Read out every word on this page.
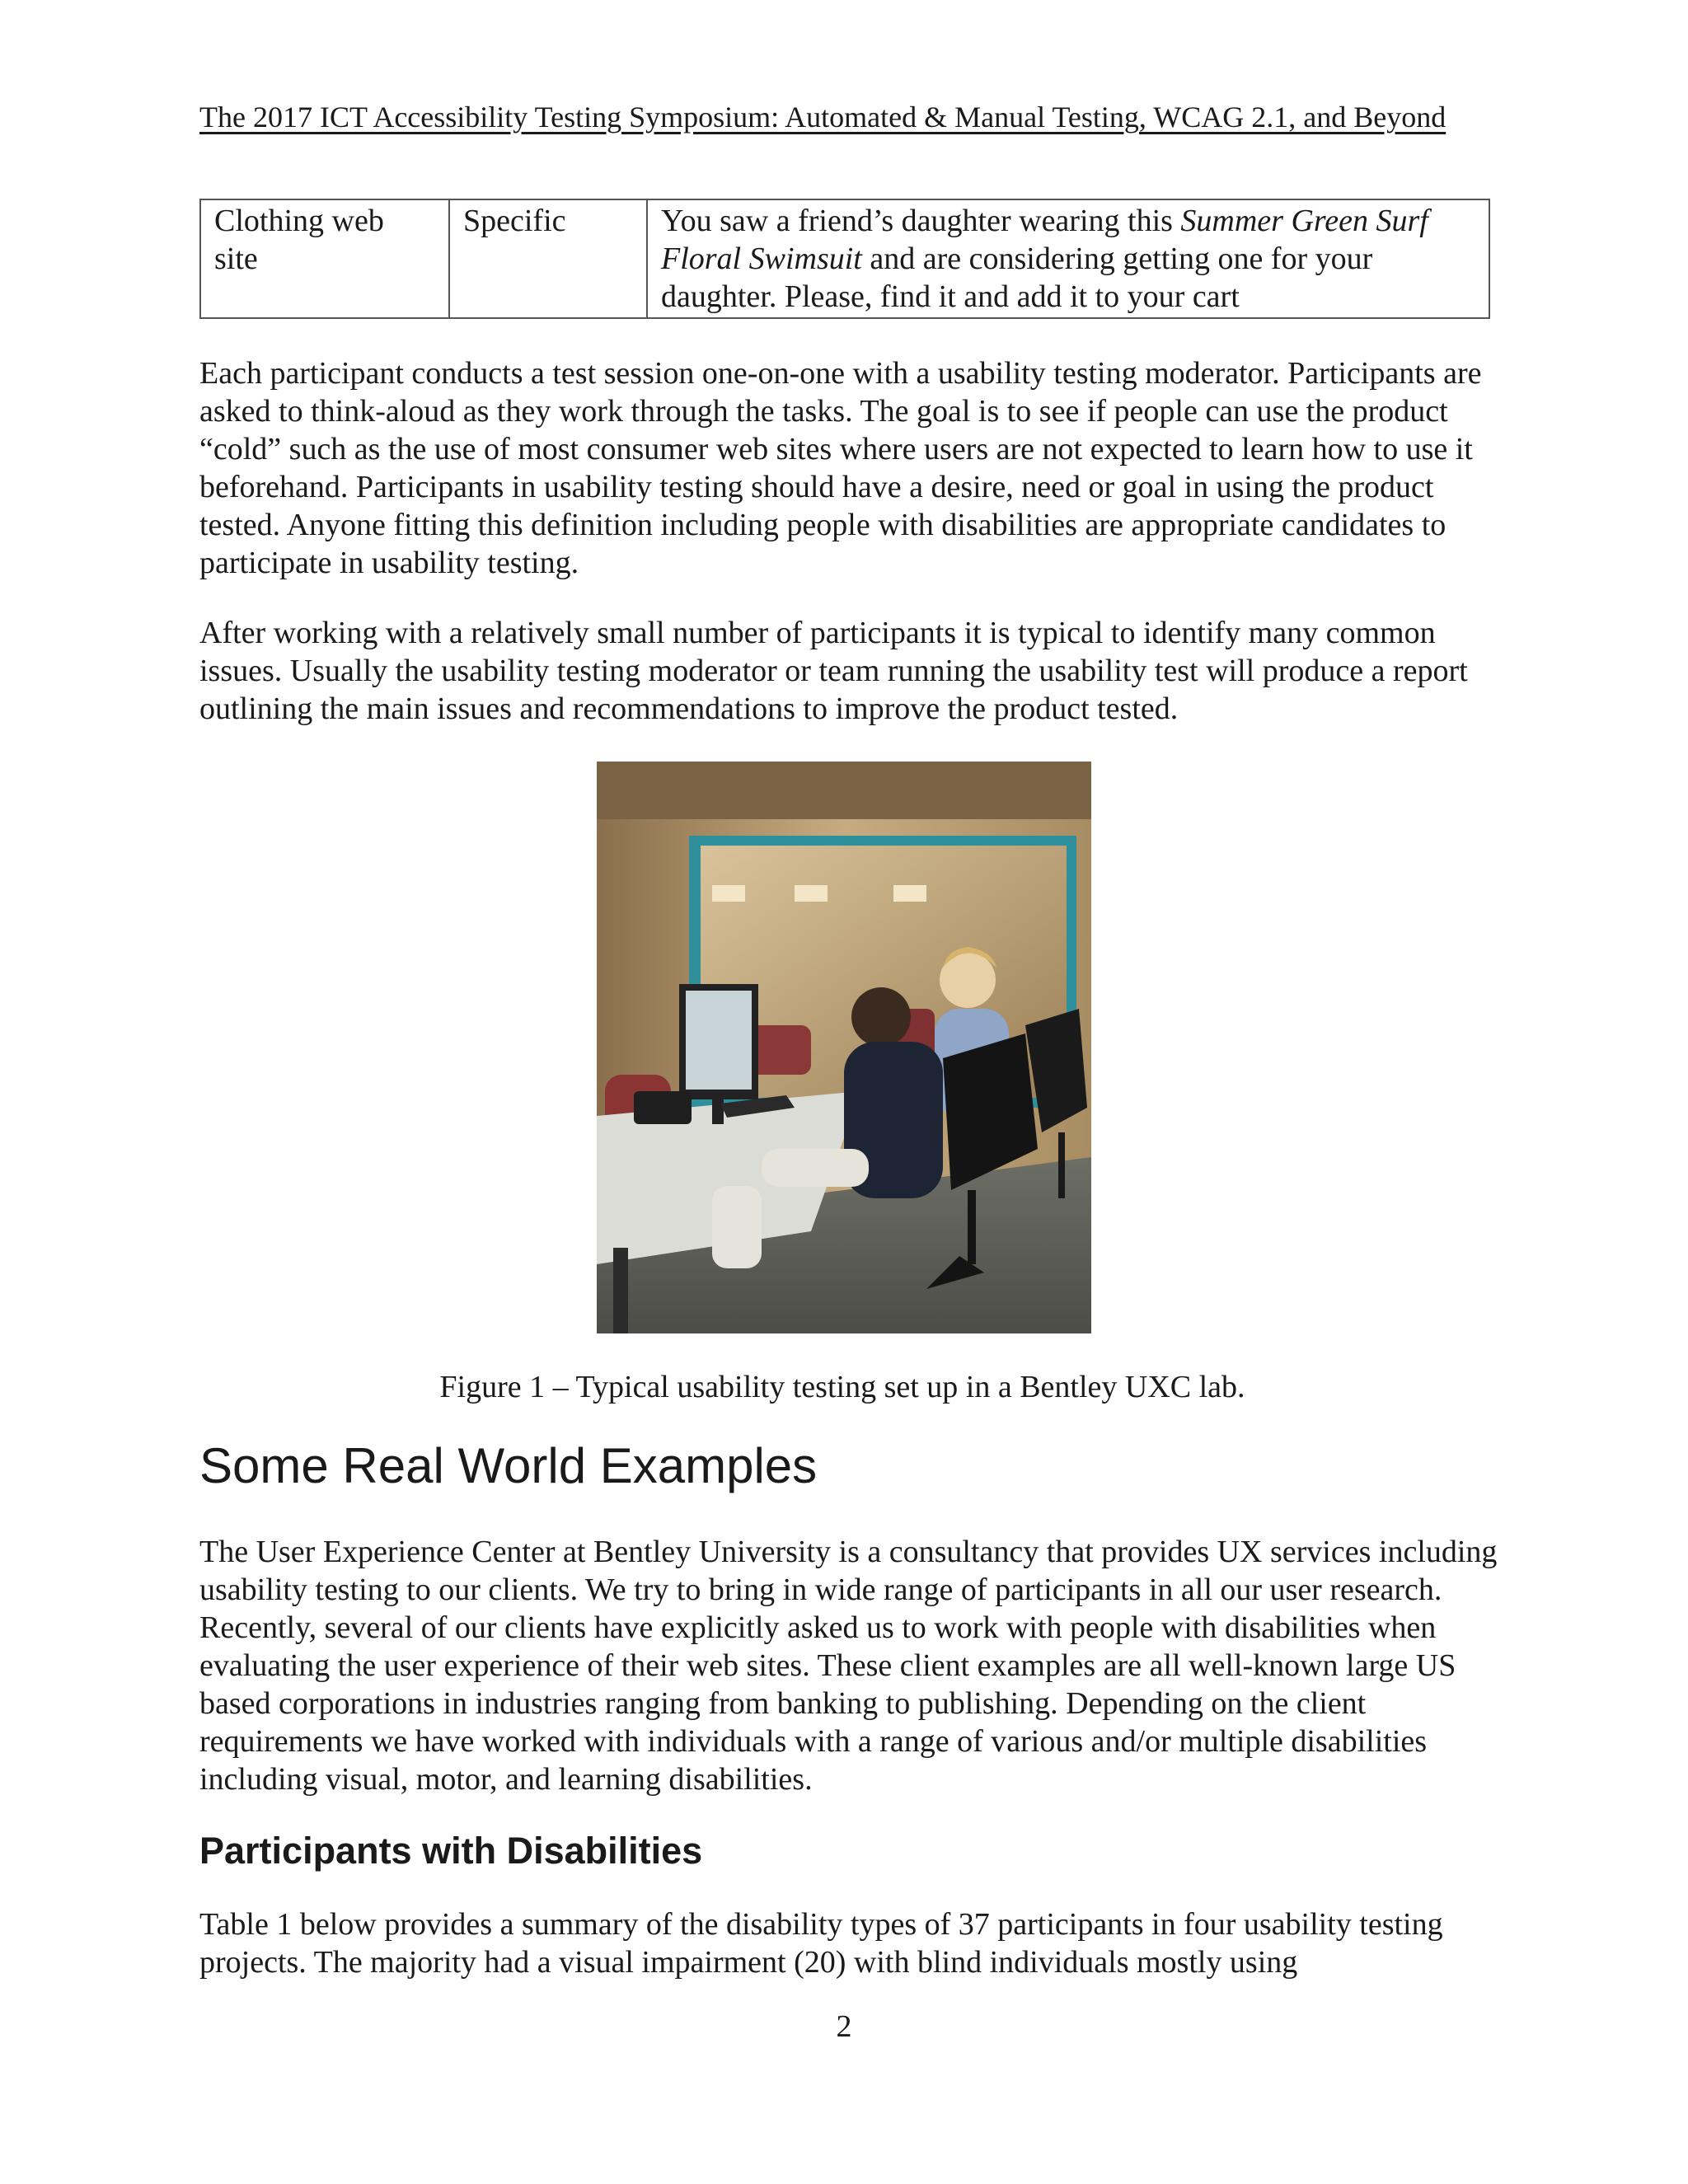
The 2017 ICT Accessibility Testing Symposium: Automated & Manual Testing, WCAG 2.1, and Beyond
Clothing web site	Specific	You saw a friend’s daughter wearing this Summer Green Surf Floral Swimsuit and are considering getting one for your daughter. Please, find it and add it to your cart

Each participant conducts a test session one-on-one with a usability testing moderator. Participants are asked to think-aloud as they work through the tasks. The goal is to see if people can use the product “cold” such as the use of most consumer web sites where users are not expected to learn how to use it beforehand. Participants in usability testing should have a desire, need or goal in using the product tested. Anyone fitting this definition including people with disabilities are appropriate candidates to participate in usability testing.

After working with a relatively small number of participants it is typical to identify many common issues. Usually the usability testing moderator or team running the usability test will produce a report outlining the main issues and recommendations to improve the product tested.

Figure 1 – Typical usability testing set up in a Bentley UXC lab.
Some Real World Examples

The User Experience Center at Bentley University is a consultancy that provides UX services including usability testing to our clients. We try to bring in wide range of participants in all our user research. Recently, several of our clients have explicitly asked us to work with people with disabilities when evaluating the user experience of their web sites. These client examples are all well-known large US based corporations in industries ranging from banking to publishing. Depending on the client requirements we have worked with individuals with a range of various and/or multiple disabilities including visual, motor, and learning disabilities.

Participants with Disabilities

Table 1 below provides a summary of the disability types of 37 participants in four usability testing projects. The majority had a visual impairment (20) with blind individuals mostly using

2
